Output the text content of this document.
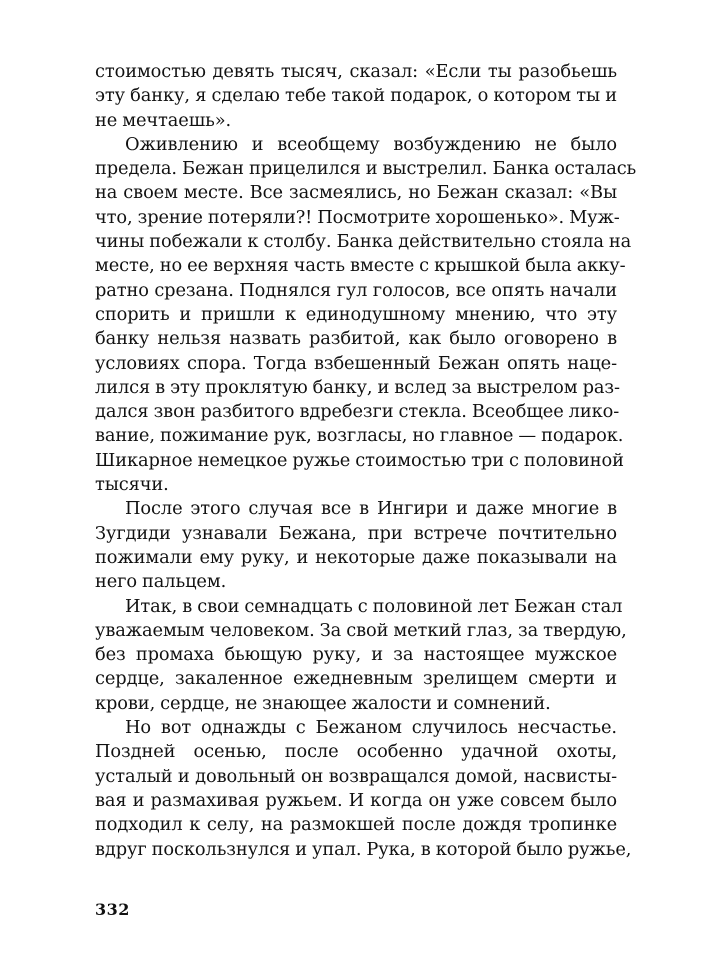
стоимостью девять тысяч, сказал: «Если ты разобьешь
эту банку, я сделаю тебе такой подарок, о котором ты и
не мечтаешь».
Оживлению и всеобщему возбуждению не было
предела. Бежан прицелился и выстрелил. Банка осталась
на своем месте. Все засмеялись, но Бежан сказал: «Вы
что, зрение потеряли?! Посмотрите хорошенько». Муж-
чины побежали к столбу. Банка действительно стояла на
месте, но ее верхняя часть вместе с крышкой была акку-
ратно срезана. Поднялся гул голосов, все опять начали
спорить и пришли к единодушному мнению, что эту
банку нельзя назвать разбитой, как было оговорено в
условиях спора. Тогда взбешенный Бежан опять наце-
лился в эту проклятую банку, и вслед за выстрелом раз-
дался звон разбитого вдребезги стекла. Всеобщее лико-
вание, пожимание рук, возгласы, но главное — подарок.
Шикарное немецкое ружье стоимостью три с половиной
тысячи.
После этого случая все в Ингири и даже многие в
Зугдиди узнавали Бежана, при встрече почтительно
пожимали ему руку, и некоторые даже показывали на
него пальцем.
Итак, в свои семнадцать с половиной лет Бежан стал
уважаемым человеком. За свой меткий глаз, за твердую,
без промаха бьющую руку, и за настоящее мужское
сердце, закаленное ежедневным зрелищем смерти и
крови, сердце, не знающее жалости и сомнений.
Но вот однажды с Бежаном случилось несчастье.
Поздней осенью, после особенно удачной охоты,
усталый и довольный он возвращался домой, насвисты-
вая и размахивая ружьем. И когда он уже совсем было
подходил к селу, на размокшей после дождя тропинке
вдруг поскользнулся и упал. Рука, в которой было ружье,
332
